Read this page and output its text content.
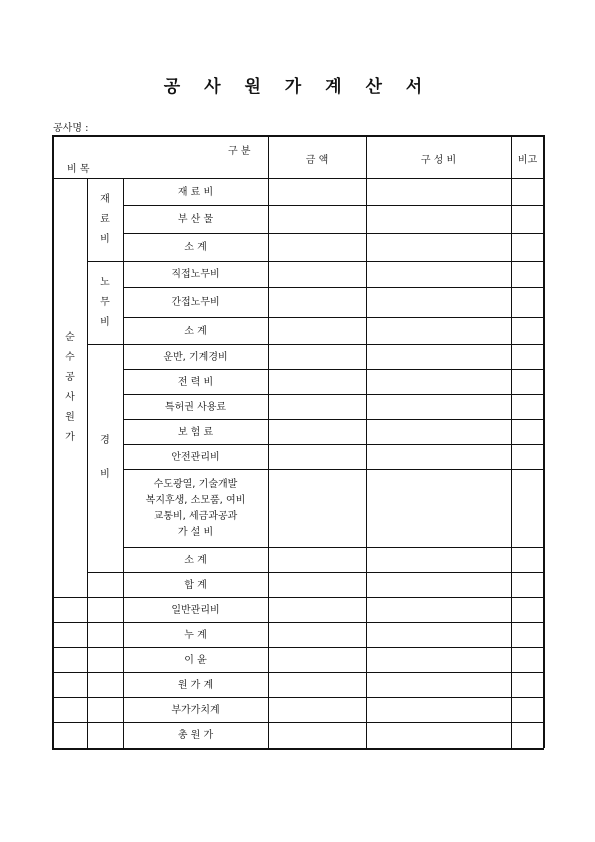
공 사 원 가 계 산 서
공사명 :
구 분
비 목
금 액	구 성 비	비고
순
수
공
사
원
가
재
료
비
노
무
비
경
비
재 료 비
부 산 물
소 계
직접노무비
간접노무비
소 계
운반, 기계경비
전 력 비
특허권 사용료
보 험 료
안전관리비
수도광열, 기술개발
복지후생, 소모품, 여비
교통비, 세금과공과
가 설 비
소 계
합 계
일반관리비
누 계
이 윤
원 가 계
부가가치계
총 원 가
